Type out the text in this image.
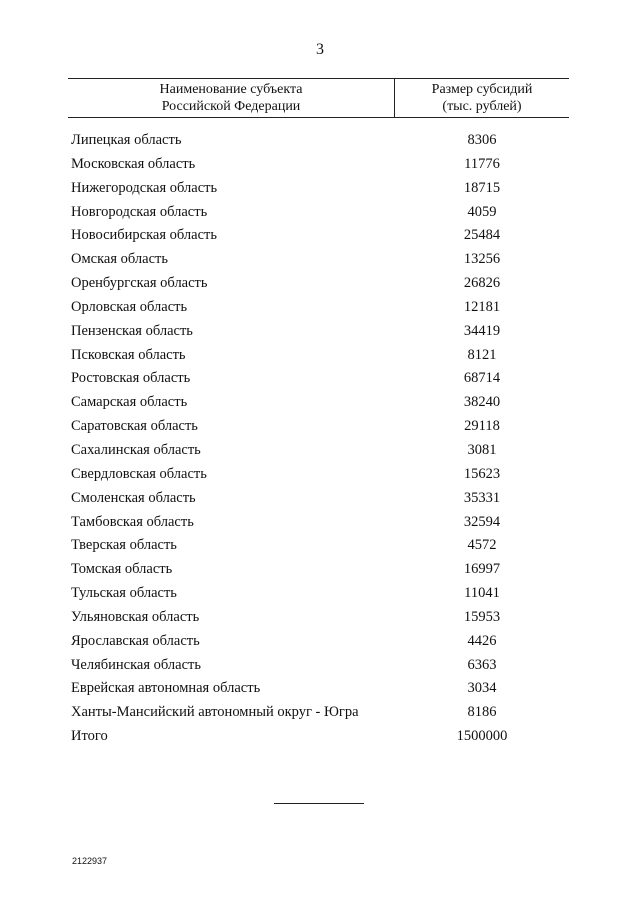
3
Наименование субъекта
Российской Федерации
Размер субсидий
(тыс. рублей)
Липецкая область	8306
Московская область	11776
Нижегородская область	18715
Новгородская область	4059
Новосибирская область	25484
Омская область	13256
Оренбургская область	26826
Орловская область	12181
Пензенская область	34419
Псковская область	8121
Ростовская область	68714
Самарская область	38240
Саратовская область	29118
Сахалинская область	3081
Свердловская область	15623
Смоленская область	35331
Тамбовская область	32594
Тверская область	4572
Томская область	16997
Тульская область	11041
Ульяновская область	15953
Ярославская область	4426
Челябинская область	6363
Еврейская автономная область	3034
Ханты-Мансийский автономный округ - Югра	8186
Итого	1500000
2122937
